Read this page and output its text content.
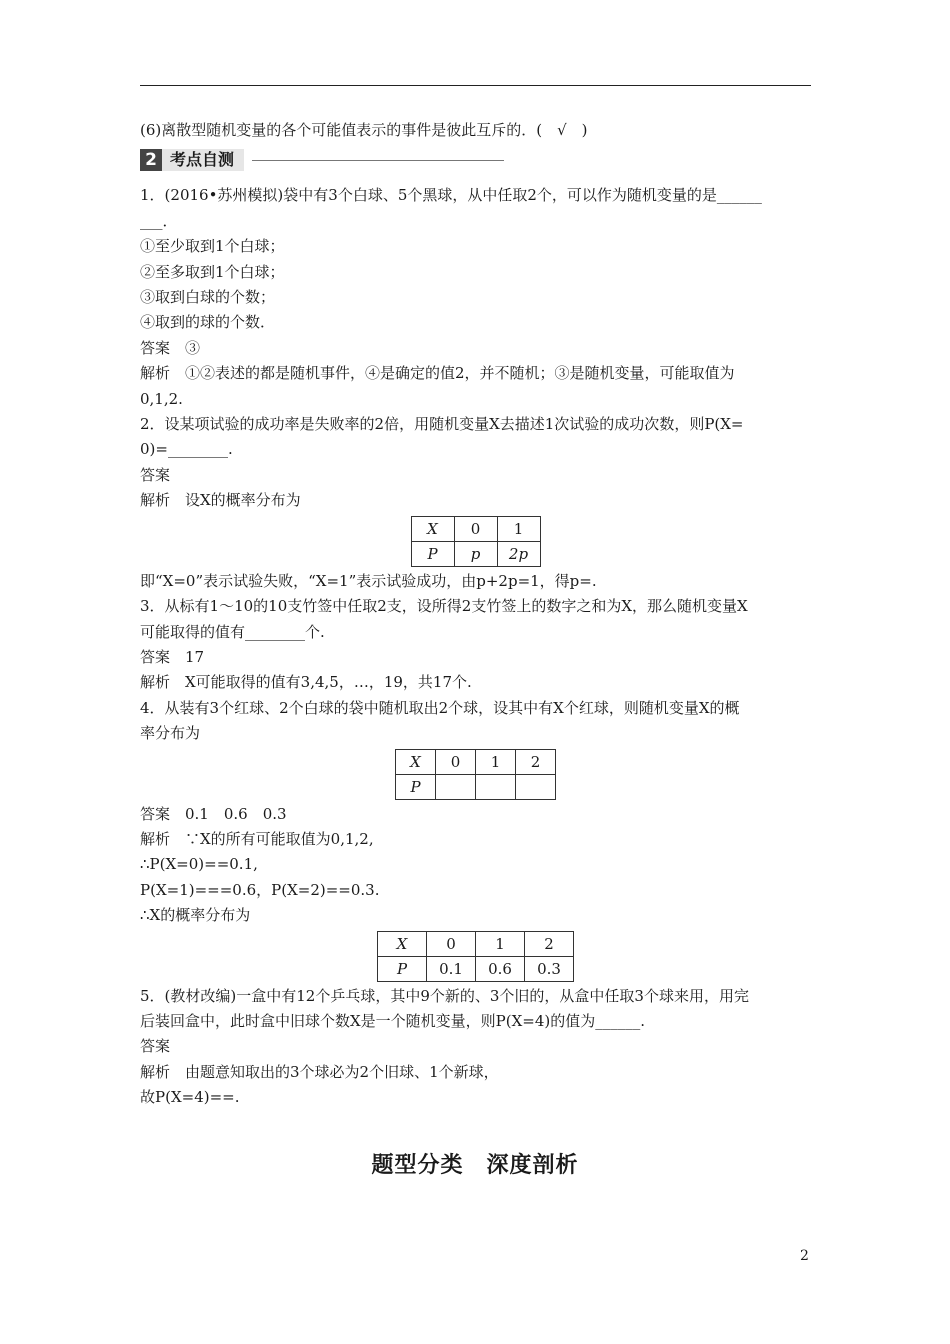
(6)离散型随机变量的各个可能值表示的事件是彼此互斥的．(　√　)
2 考点自测
1．(2016•苏州模拟)袋中有3个白球、5个黑球，从中任取2个，可以作为随机变量的是______
___．
①至少取到1个白球；
②至多取到1个白球；
③取到白球的个数；
④取到的球的个数．
答案　③
解析　①②表述的都是随机事件，④是确定的值2，并不随机；③是随机变量，可能取值为
0,1,2.
2．设某项试验的成功率是失败率的2倍，用随机变量X去描述1次试验的成功次数，则P(X=
0)=________.
答案
解析　设X的概率分布为
X	0	1
P	p	2p
即“X=0”表示试验失败，“X=1”表示试验成功，由p+2p=1，得p=.
3．从标有1～10的10支竹签中任取2支，设所得2支竹签上的数字之和为X，那么随机变量X
可能取得的值有________个.
答案　17
解析　X可能取得的值有3,4,5，…，19，共17个.
4．从装有3个红球、2个白球的袋中随机取出2个球，设其中有X个红球，则随机变量X的概
率分布为
X	0	1	2
P			
答案　0.1　0.6　0.3
解析　∵X的所有可能取值为0,1,2,
∴P(X=0)==0.1,
P(X=1)===0.6，P(X=2)==0.3.
∴X的概率分布为
X	0	1	2
P	0.1	0.6	0.3
5．(教材改编)一盒中有12个乒乓球，其中9个新的、3个旧的，从盒中任取3个球来用，用完
后装回盒中，此时盒中旧球个数X是一个随机变量，则P(X=4)的值为______.
答案
解析　由题意知取出的3个球必为2个旧球、1个新球，
故P(X=4)==.
题型分类　深度剖析
2
